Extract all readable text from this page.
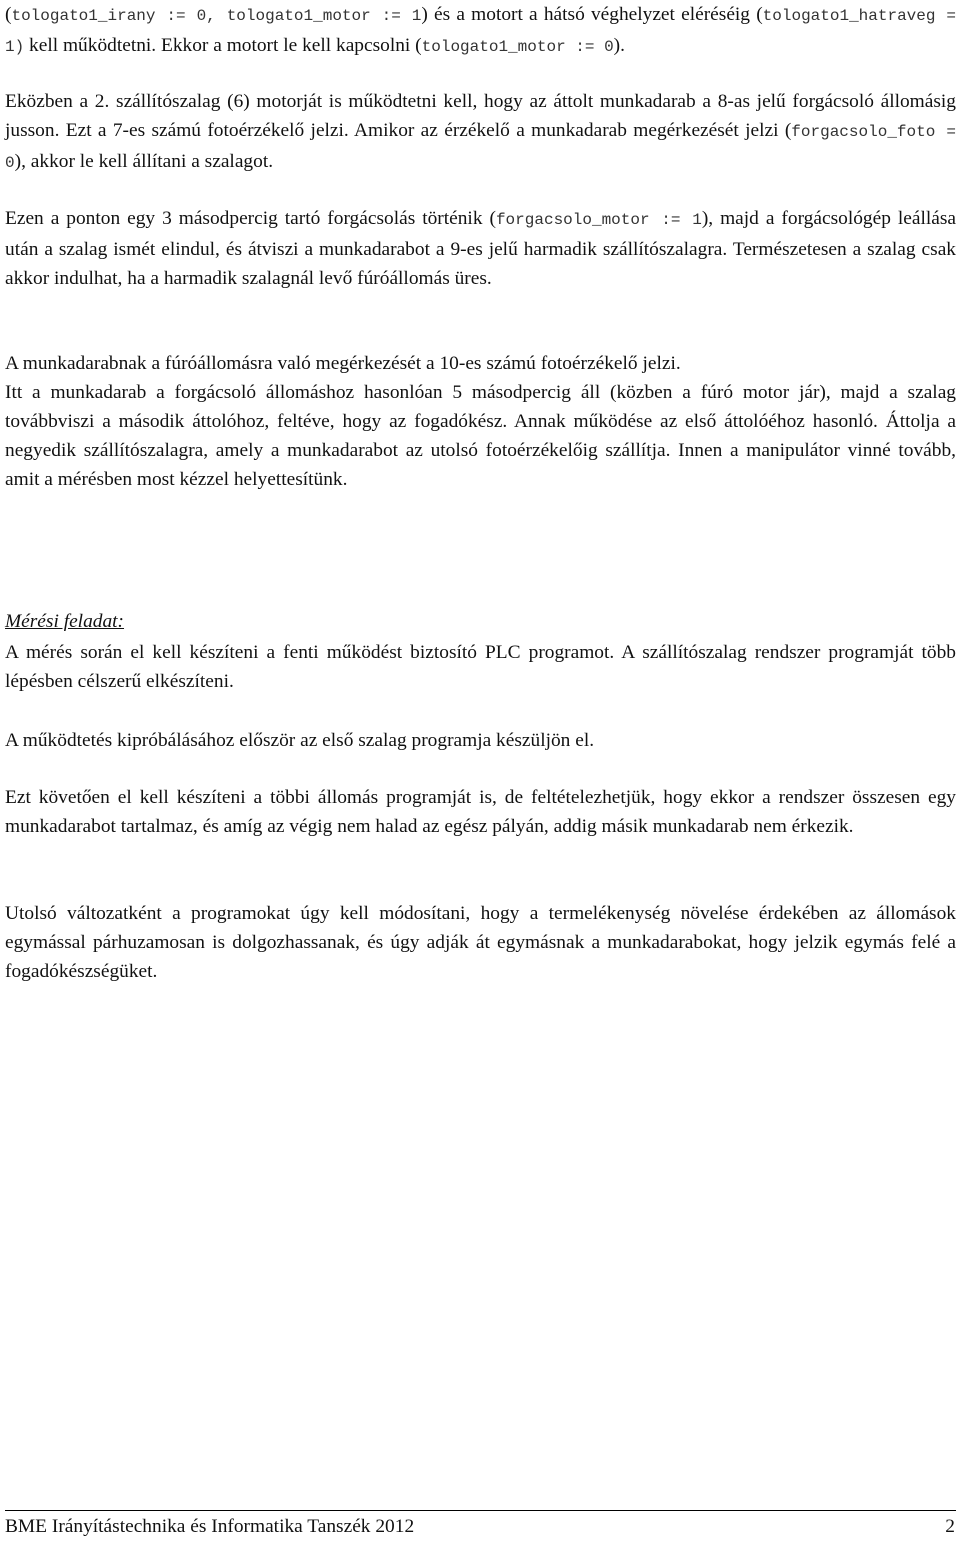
(tologato1_irany := 0, tologato1_motor := 1) és a motort a hátsó véghelyzet eléréséig (tologato1_hatraveg = 1) kell működtetni. Ekkor a motort le kell kapcsolni (tologato1_motor := 0).

Eközben a 2. szállítószalag (6) motorját is működtetni kell, hogy az áttolt munkadarab a 8-as jelű forgácsoló állomásig jusson. Ezt a 7-es számú fotoérzékelő jelzi. Amikor az érzékelő a munkadarab megérkezését jelzi (forgacsolo_foto = 0), akkor le kell állítani a szalagot.

Ezen a ponton egy 3 másodpercig tartó forgácsolás történik (forgacsolo_motor := 1), majd a forgácsológép leállása után a szalag ismét elindul, és átviszi a munkadarabot a 9-es jelű harmadik szállítószalagra. Természetesen a szalag csak akkor indulhat, ha a harmadik szalagnál levő fúróállomás üres.

A munkadarabnak a fúróállomásra való megérkezését a 10-es számú fotoérzékelő jelzi.

Itt a munkadarab a forgácsoló állomáshoz hasonlóan 5 másodpercig áll (közben a fúró motor jár), majd a szalag továbbviszi a második áttolóhoz, feltéve, hogy az fogadókész. Annak működése az első áttolóéhoz hasonló. Áttolja a negyedik szállítószalagra, amely a munkadarabot az utolsó fotoérzékelőig szállítja. Innen a manipulátor vinné tovább, amit a mérésben most kézzel helyettesítünk.

Mérési feladat:

A mérés során el kell készíteni a fenti működést biztosító PLC programot. A szállítószalag rendszer programját több lépésben célszerű elkészíteni.

A működtetés kipróbálásához először az első szalag programja készüljön el.

Ezt követően el kell készíteni a többi állomás programját is, de feltételezhetjük, hogy ekkor a rendszer összesen egy munkadarabot tartalmaz, és amíg az végig nem halad az egész pályán, addig másik munkadarab nem érkezik.

Utolsó változatként a programokat úgy kell módosítani, hogy a termelékenység növelése érdekében az állomások egymással párhuzamosan is dolgozhassanak, és úgy adják át egymásnak a munkadarabokat, hogy jelzik egymás felé a fogadókészségüket.

BME Irányítástechnika és Informatika Tanszék 2012	2
